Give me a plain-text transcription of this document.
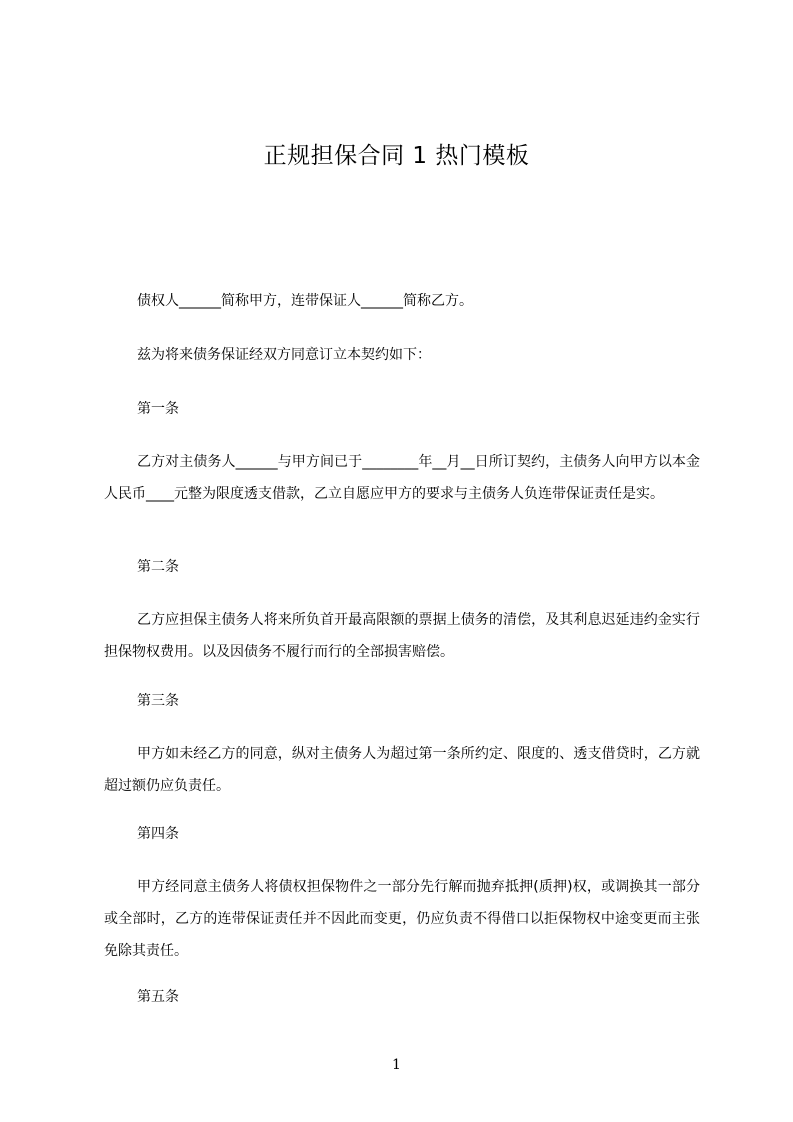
正规担保合同 1 热门模板
债权人______简称甲方，连带保证人______简称乙方。
兹为将来债务保证经双方同意订立本契约如下：
第一条
乙方对主债务人______与甲方间已于________年__月__日所订契约，主债务人向甲方以本金人民币____元整为限度透支借款，乙立自愿应甲方的要求与主债务人负连带保证责任是实。
第二条
乙方应担保主债务人将来所负首开最高限额的票据上债务的清偿，及其利息迟延违约金实行担保物权费用。以及因债务不履行而行的全部损害赔偿。
第三条
甲方如未经乙方的同意，纵对主债务人为超过第一条所约定、限度的、透支借贷时，乙方就超过额仍应负责任。
第四条
甲方经同意主债务人将债权担保物件之一部分先行解而抛弃抵押(质押)权，或调换其一部分或全部时，乙方的连带保证责任并不因此而变更，仍应负责不得借口以拒保物权中途变更而主张免除其责任。
第五条
1
